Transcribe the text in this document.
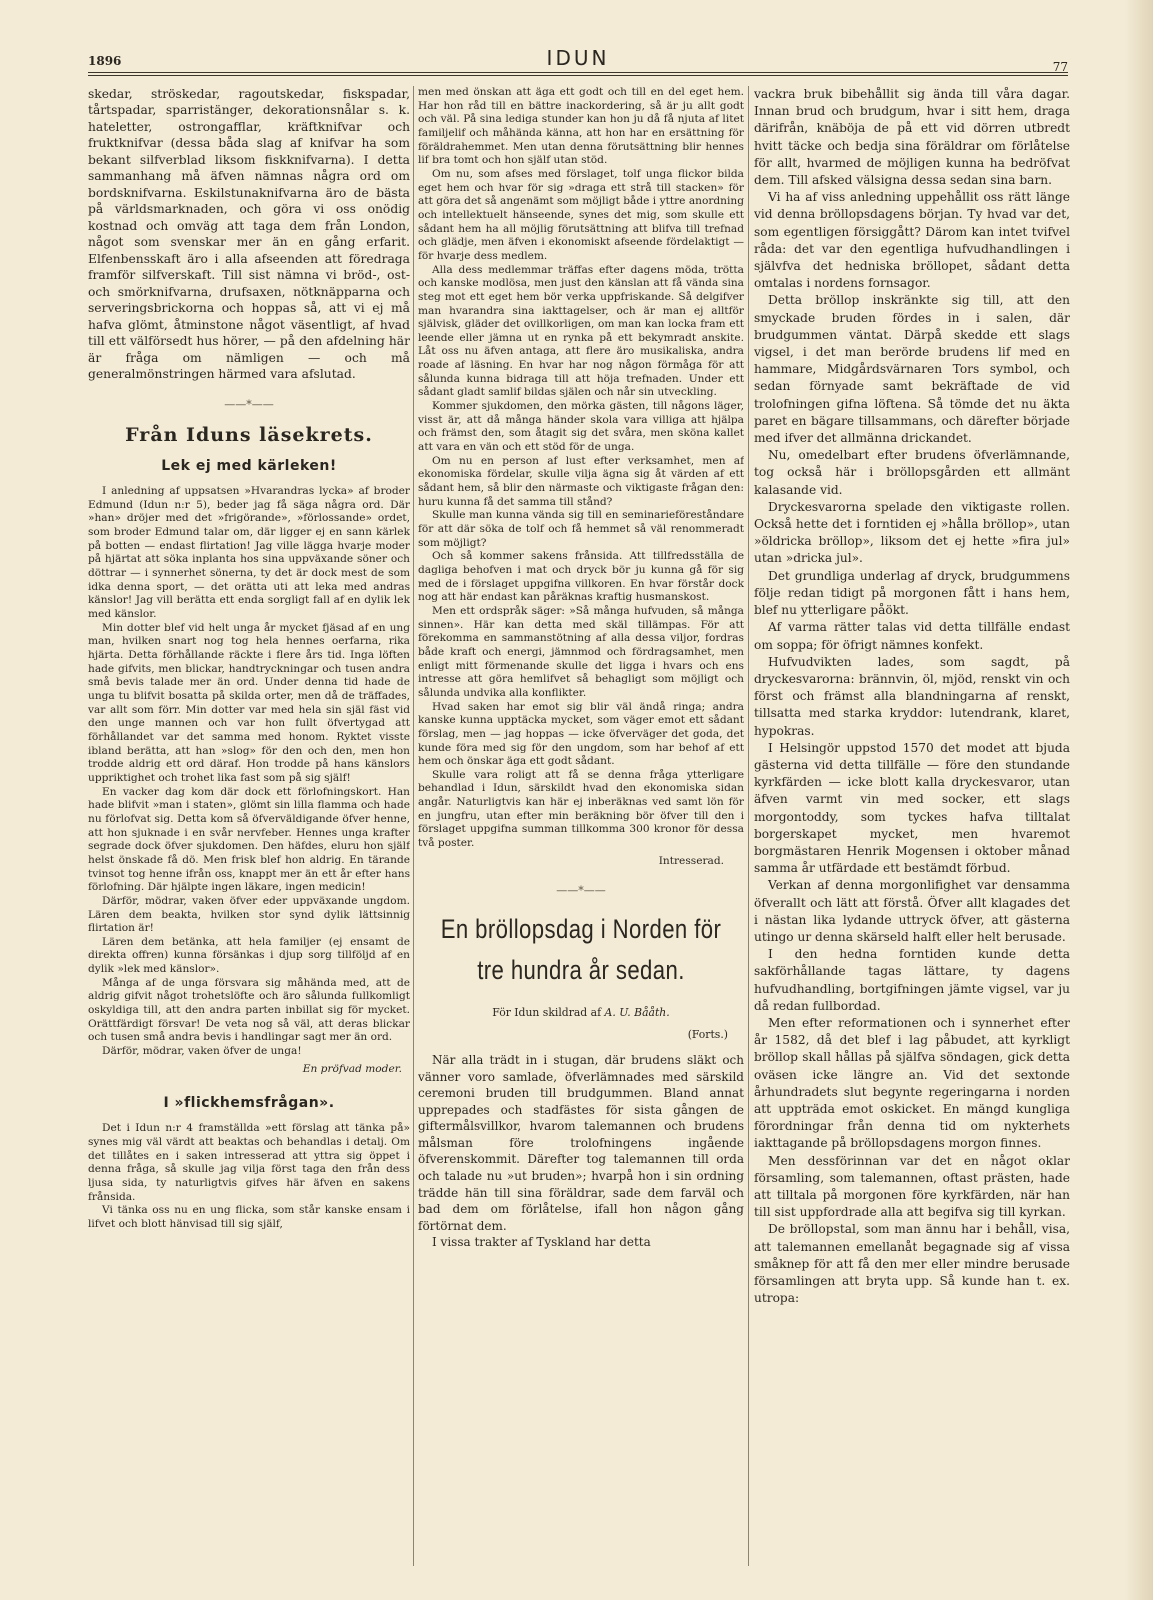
1896	IDUN	77

skedar, ströskedar, ragoutskedar, fiskspadar, tårtspadar, sparristänger, dekorationsnålar s. k. hateletter, ostrongafflar, kräftknifvar och fruktknifvar (dessa båda slag af knifvar ha som bekant silfverblad liksom fiskknifvarna). I detta sammanhang må äfven nämnas några ord om bordsknifvarna. Eskilstunaknifvarna äro de bästa på världsmarknaden, och göra vi oss onödig kostnad och omväg att taga dem från London, något som svenskar mer än en gång erfarit. Elfenbensskaft äro i alla afseenden att föredraga framför silfverskaft. Till sist nämna vi bröd-, ost- och smörknifvarna, drufsaxen, nötknäpparna och serveringsbrickorna och hoppas så, att vi ej må hafva glömt, åtminstone något väsentligt, af hvad till ett välförsedt hus hörer, — på den afdelning här är fråga om nämligen — och må generalmönstringen härmed vara afslutad.

——*——
Från Iduns läsekrets.
Lek ej med kärleken!

I anledning af uppsatsen »Hvarandras lycka» af broder Edmund (Idun n:r 5), beder jag få säga några ord. Där »han» dröjer med det »frigörande», »förlossande» ordet, som broder Edmund talar om, där ligger ej en sann kärlek på botten — endast flirtation! Jag ville lägga hvarje moder på hjärtat att söka inplanta hos sina uppväxande söner och döttrar — i synnerhet sönerna, ty det är dock mest de som idka denna sport, — det orätta uti att leka med andras känslor! Jag vill berätta ett enda sorgligt fall af en dylik lek med känslor.

Min dotter blef vid helt unga år mycket fjäsad af en ung man, hvilken snart nog tog hela hennes oerfarna, rika hjärta. Detta förhållande räckte i flere års tid. Inga löften hade gifvits, men blickar, handtryckningar och tusen andra små bevis talade mer än ord. Under denna tid hade de unga tu blifvit bosatta på skilda orter, men då de träffades, var allt som förr. Min dotter var med hela sin själ fäst vid den unge mannen och var hon fullt öfvertygad att förhållandet var det samma med honom. Ryktet visste ibland berätta, att han »slog» för den och den, men hon trodde aldrig ett ord däraf. Hon trodde på hans känslors uppriktighet och trohet lika fast som på sig själf!

En vacker dag kom där dock ett förlofningskort. Han hade blifvit »man i staten», glömt sin lilla flamma och hade nu förlofvat sig. Detta kom så öfverväldigande öfver henne, att hon sjuknade i en svår nervfeber. Hennes unga krafter segrade dock öfver sjukdomen. Den häfdes, eluru hon själf helst önskade få dö. Men frisk blef hon aldrig. En tärande tvinsot tog henne ifrån oss, knappt mer än ett år efter hans förlofning. Där hjälpte ingen läkare, ingen medicin!

Därför, mödrar, vaken öfver eder uppväxande ungdom. Lären dem beakta, hvilken stor synd dylik lättsinnig flirtation är!

Lären dem betänka, att hela familjer (ej ensamt de direkta offren) kunna försänkas i djup sorg tillföljd af en dylik »lek med känslor».

Många af de unga försvara sig måhända med, att de aldrig gifvit något trohetslöfte och äro sålunda fullkomligt oskyldiga till, att den andra parten inbillat sig för mycket. Orättfärdigt försvar! De veta nog så väl, att deras blickar och tusen små andra bevis i handlingar sagt mer än ord.

Därför, mödrar, vaken öfver de unga!

En pröfvad moder.
I »flickhemsfrågan».

Det i Idun n:r 4 framställda »ett förslag att tänka på» synes mig väl värdt att beaktas och behandlas i detalj. Om det tillåtes en i saken intresserad att yttra sig öppet i denna fråga, så skulle jag vilja först taga den från dess ljusa sida, ty naturligtvis gifves här äfven en sakens frånsida.

Vi tänka oss nu en ung flicka, som står kanske ensam i lifvet och blott hänvisad till sig själf,

men med önskan att äga ett godt och till en del eget hem. Har hon råd till en bättre inackordering, så är ju allt godt och väl. På sina lediga stunder kan hon ju då få njuta af litet familjelif och måhända känna, att hon har en ersättning för föräldrahemmet. Men utan denna förutsättning blir hennes lif bra tomt och hon själf utan stöd.

Om nu, som afses med förslaget, tolf unga flickor bilda eget hem och hvar för sig »draga ett strå till stacken» för att göra det så angenämt som möjligt både i yttre anordning och intellektuelt hänseende, synes det mig, som skulle ett sådant hem ha all möjlig förutsättning att blifva till trefnad och glädje, men äfven i ekonomiskt afseende fördelaktigt — för hvarje dess medlem.

Alla dess medlemmar träffas efter dagens möda, trötta och kanske modlösa, men just den känslan att få vända sina steg mot ett eget hem bör verka uppfriskande. Så delgifver man hvarandra sina iakttagelser, och är man ej alltför självisk, gläder det ovillkorligen, om man kan locka fram ett leende eller jämna ut en rynka på ett bekymradt anskite. Låt oss nu äfven antaga, att flere äro musikaliska, andra roade af läsning. En hvar har nog någon förmåga för att sålunda kunna bidraga till att höja trefnaden. Under ett sådant gladt samlif bildas själen och når sin utveckling.

Kommer sjukdomen, den mörka gästen, till någons läger, visst är, att då många händer skola vara villiga att hjälpa och främst den, som åtagit sig det svåra, men sköna kallet att vara en vän och ett stöd för de unga.

Om nu en person af lust efter verksamhet, men af ekonomiska fördelar, skulle vilja ägna sig åt värden af ett sådant hem, så blir den närmaste och viktigaste frågan den: huru kunna få det samma till stånd?

Skulle man kunna vända sig till en seminarieföreståndare för att där söka de tolf och få hemmet så väl renommeradt som möjligt?

Och så kommer sakens frånsida. Att tillfredsställa de dagliga behofven i mat och dryck bör ju kunna gå för sig med de i förslaget uppgifna villkoren. En hvar förstår dock nog att här endast kan påräknas kraftig husmanskost.

Men ett ordspråk säger: »Så många hufvuden, så många sinnen». Här kan detta med skäl tillämpas. För att förekomma en sammanstötning af alla dessa viljor, fordras både kraft och energi, jämnmod och fördragsamhet, men enligt mitt förmenande skulle det ligga i hvars och ens intresse att göra hemlifvet så behagligt som möjligt och sålunda undvika alla konflikter.

Hvad saken har emot sig blir väl ändå ringa; andra kanske kunna upptäcka mycket, som väger emot ett sådant förslag, men — jag hoppas — icke öfverväger det goda, det kunde föra med sig för den ungdom, som har behof af ett hem och önskar äga ett godt sådant.

Skulle vara roligt att få se denna fråga ytterligare behandlad i Idun, särskildt hvad den ekonomiska sidan angår. Naturligtvis kan här ej inberäknas ved samt lön för en jungfru, utan efter min beräkning bör öfver till den i förslaget uppgifna summan tillkomma 300 kronor för dessa två poster.

Intresserad.
——*——
En bröllopsdag i Norden för
tre hundra år sedan.
För Idun skildrad af A. U. Bååth.
(Forts.)

När alla trädt in i stugan, där brudens släkt och vänner voro samlade, öfverlämnades med särskild ceremoni bruden till brudgummen. Bland annat upprepades och stadfästes för sista gången de giftermålsvillkor, hvarom talemannen och brudens målsman före trolofningens ingående öfverenskommit. Därefter tog talemannen till orda och talade nu »ut bruden»; hvarpå hon i sin ordning trädde hän till sina föräldrar, sade dem farväl och bad dem om förlåtelse, ifall hon någon gång förtörnat dem.

I vissa trakter af Tyskland har detta

vackra bruk bibehållit sig ända till våra dagar. Innan brud och brudgum, hvar i sitt hem, draga därifrån, knäböja de på ett vid dörren utbredt hvitt täcke och bedja sina föräldrar om förlåtelse för allt, hvarmed de möjligen kunna ha bedröfvat dem. Till afsked välsigna dessa sedan sina barn.

Vi ha af viss anledning uppehållit oss rätt länge vid denna bröllopsdagens början. Ty hvad var det, som egentligen försiggått? Därom kan intet tvifvel råda: det var den egentliga hufvudhandlingen i självfva det hedniska bröllopet, sådant detta omtalas i nordens fornsagor.

Detta bröllop inskränkte sig till, att den smyckade bruden fördes in i salen, där brudgummen väntat. Därpå skedde ett slags vigsel, i det man berörde brudens lif med en hammare, Midgårdsvärnaren Tors symbol, och sedan förnyade samt bekräftade de vid trolofningen gifna löftena. Så tömde det nu äkta paret en bägare tillsammans, och därefter började med ifver det allmänna drickandet.

Nu, omedelbart efter brudens öfverlämnande, tog också här i bröllopsgården ett allmänt kalasande vid.

Dryckesvarorna spelade den viktigaste rollen. Också hette det i forntiden ej »hålla bröllop», utan »öldricka bröllop», liksom det ej hette »fira jul» utan »dricka jul».

Det grundliga underlag af dryck, brudgummens följe redan tidigt på morgonen fått i hans hem, blef nu ytterligare påökt.

Af varma rätter talas vid detta tillfälle endast om soppa; för öfrigt nämnes konfekt.

Hufvudvikten lades, som sagdt, på dryckesvarorna: brännvin, öl, mjöd, renskt vin och först och främst alla blandningarna af renskt, tillsatta med starka kryddor: lutendrank, klaret, hypokras.

I Helsingör uppstod 1570 det modet att bjuda gästerna vid detta tillfälle — före den stundande kyrkfärden — icke blott kalla dryckesvaror, utan äfven varmt vin med socker, ett slags morgontoddy, som tyckes hafva tilltalat borgerskapet mycket, men hvaremot borgmästaren Henrik Mogensen i oktober månad samma år utfärdade ett bestämdt förbud.

Verkan af denna morgonlifighet var densamma öfverallt och lätt att förstå. Öfver allt klagades det i nästan lika lydande uttryck öfver, att gästerna utingo ur denna skärseld halft eller helt berusade.

I den hedna forntiden kunde detta sakförhållande tagas lättare, ty dagens hufvudhandling, bortgifningen jämte vigsel, var ju då redan fullbordad.

Men efter reformationen och i synnerhet efter år 1582, då det blef i lag påbudet, att kyrkligt bröllop skall hållas på själfva söndagen, gick detta oväsen icke längre an. Vid det sextonde århundradets slut begynte regeringarna i norden att uppträda emot oskicket. En mängd kungliga förordningar från denna tid om nykterhets iakttagande på bröllopsdagens morgon finnes.

Men dessförinnan var det en något oklar församling, som talemannen, oftast prästen, hade att tilltala på morgonen före kyrkfärden, när han till sist uppfordrade alla att begifva sig till kyrkan.

De bröllopstal, som man ännu har i behåll, visa, att talemannen emellanåt begagnade sig af vissa småknep för att få den mer eller mindre berusade församlingen att bryta upp. Så kunde han t. ex. utropa:
